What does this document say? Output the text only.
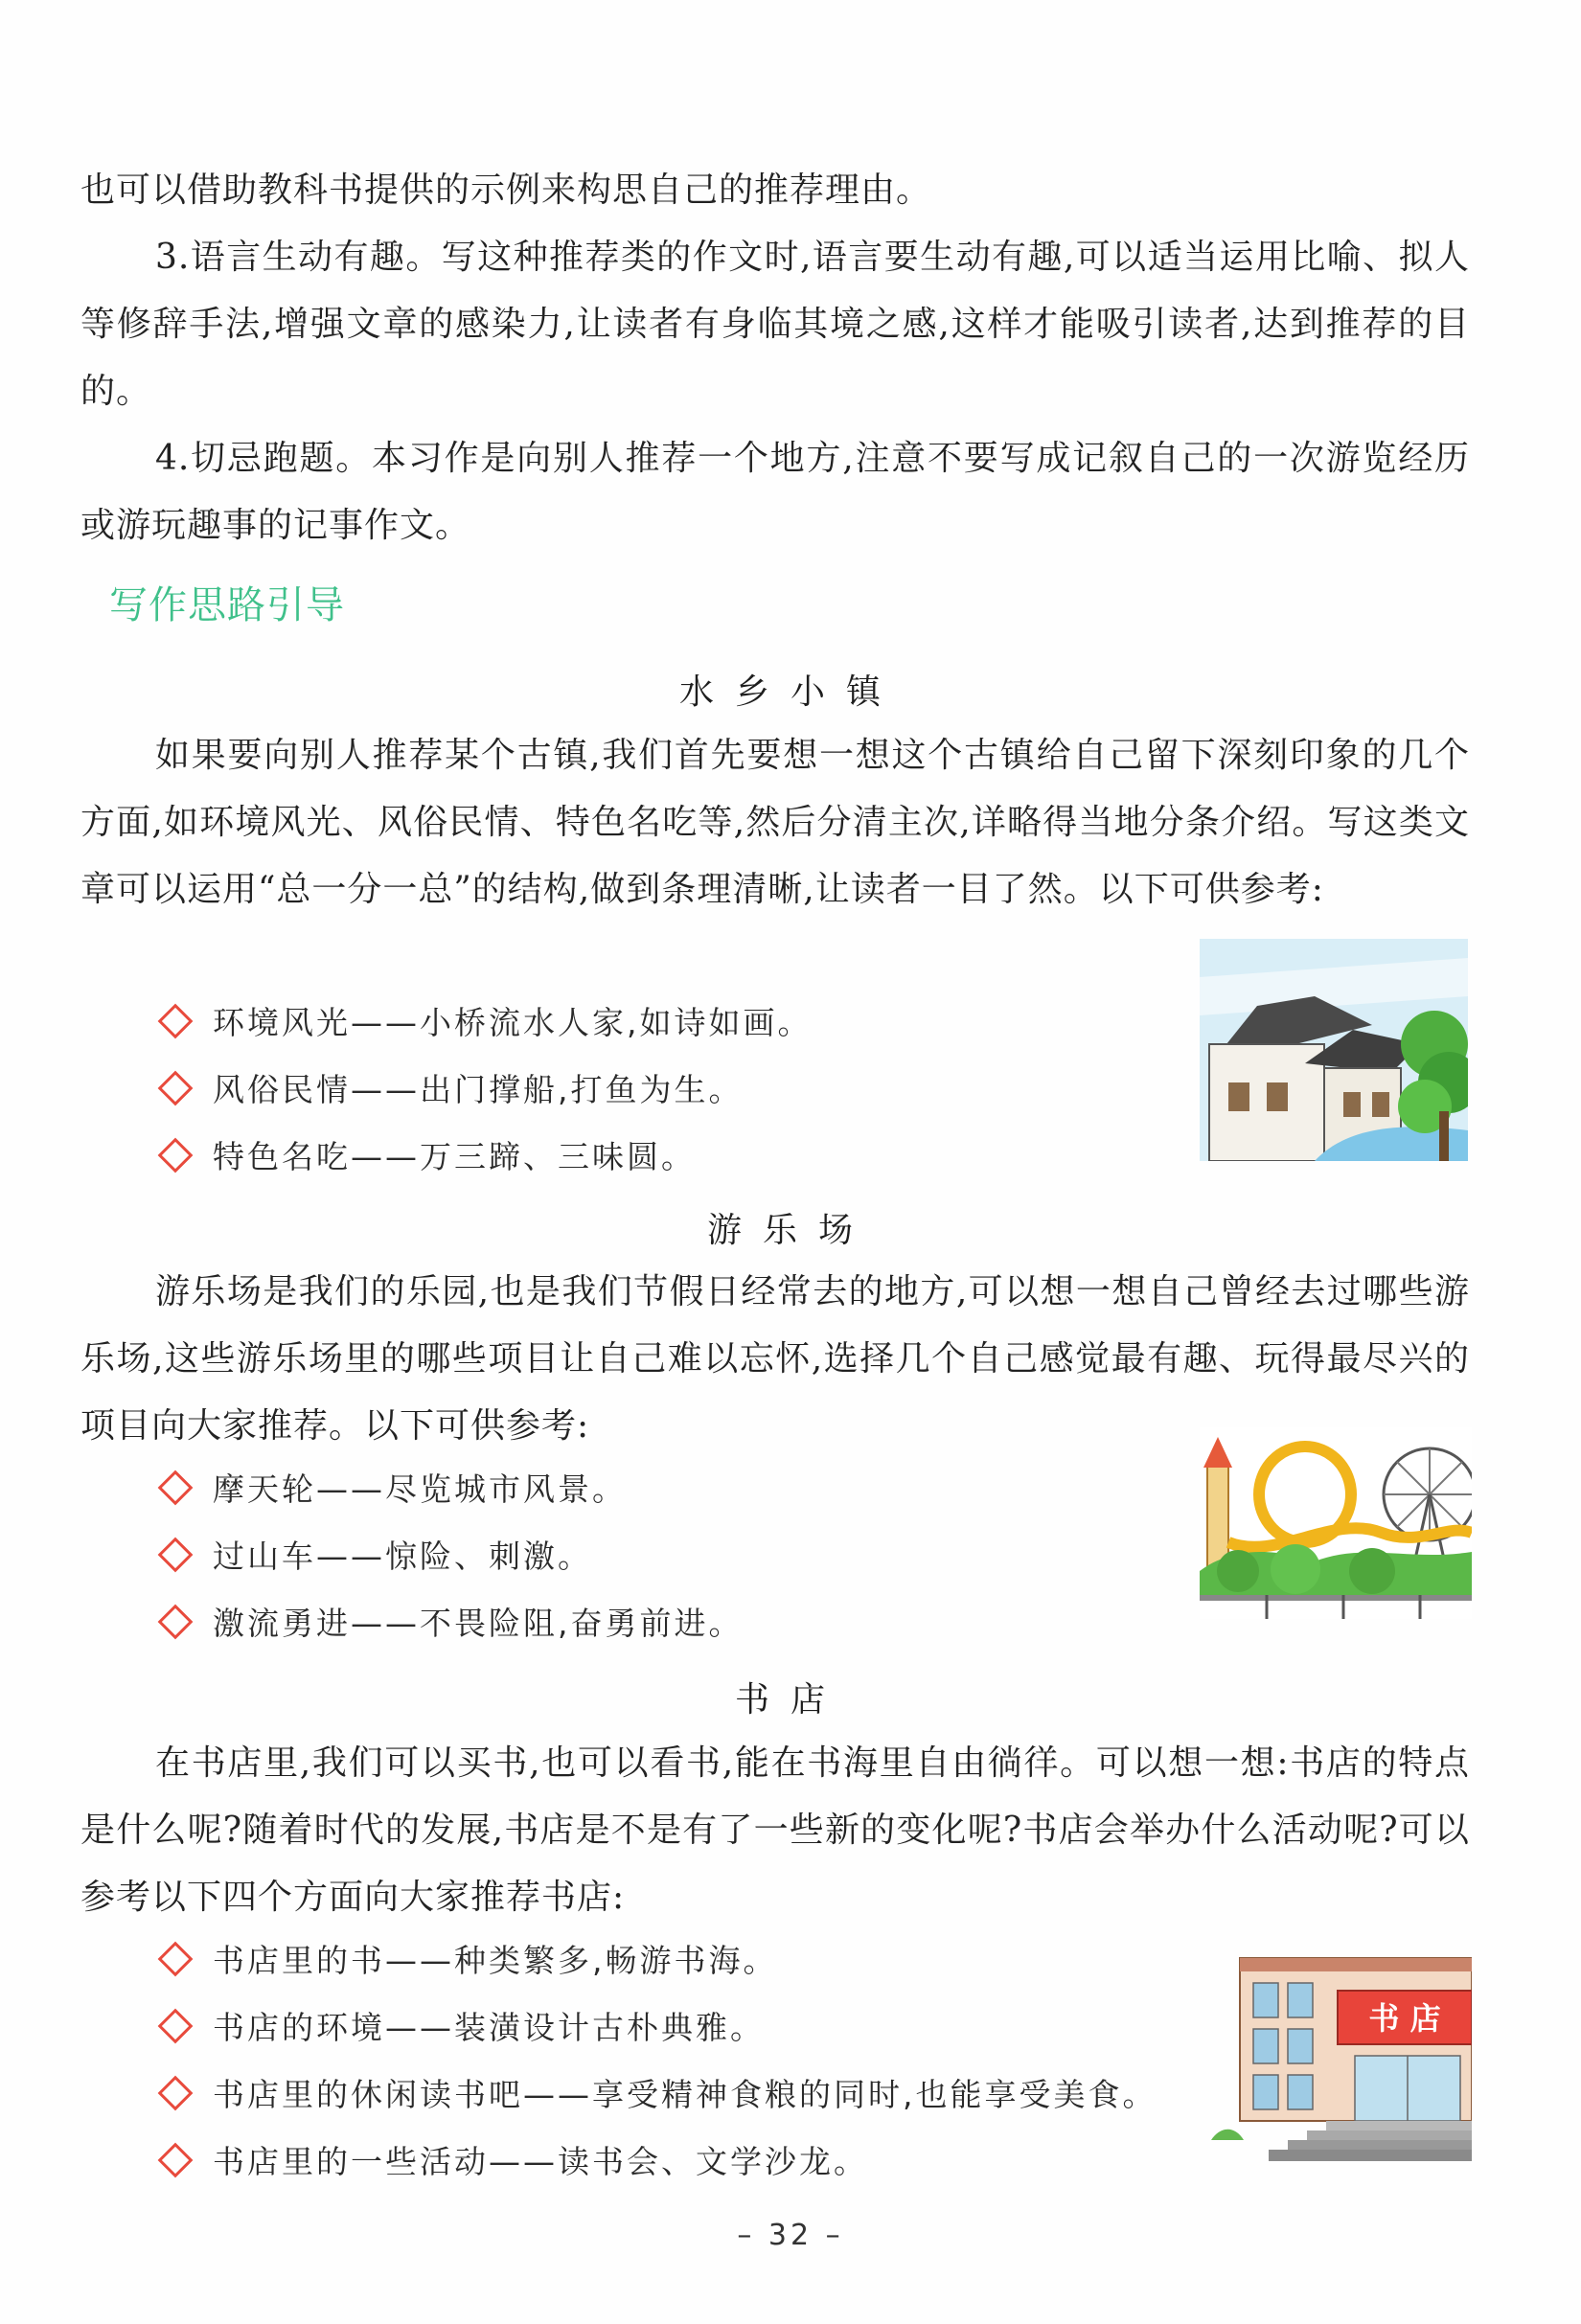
也可以借助教科书提供的示例来构思自己的推荐理由。

3.语言生动有趣。写这种推荐类的作文时,语言要生动有趣,可以适当运用比喻、拟人等修辞手法,增强文章的感染力,让读者有身临其境之感,这样才能吸引读者,达到推荐的目的。

4.切忌跑题。本习作是向别人推荐一个地方,注意不要写成记叙自己的一次游览经历或游玩趣事的记事作文。

写作思路引导
水乡小镇

如果要向别人推荐某个古镇,我们首先要想一想这个古镇给自己留下深刻印象的几个方面,如环境风光、风俗民情、特色名吃等,然后分清主次,详略得当地分条介绍。写这类文章可以运用“总一分一总”的结构,做到条理清晰,让读者一目了然。以下可供参考:

环境风光——小桥流水人家,如诗如画。
风俗民情——出门撑船,打鱼为生。
特色名吃——万三蹄、三味圆。
游乐场

游乐场是我们的乐园,也是我们节假日经常去的地方,可以想一想自己曾经去过哪些游乐场,这些游乐场里的哪些项目让自己难以忘怀,选择几个自己感觉最有趣、玩得最尽兴的项目向大家推荐。以下可供参考:

摩天轮——尽览城市风景。
过山车——惊险、刺激。
激流勇进——不畏险阻,奋勇前进。
书店

在书店里,我们可以买书,也可以看书,能在书海里自由徜徉。可以想一想:书店的特点是什么呢?随着时代的发展,书店是不是有了一些新的变化呢?书店会举办什么活动呢?可以参考以下四个方面向大家推荐书店:

书店里的书——种类繁多,畅游书海。
书店的环境——装潢设计古朴典雅。
书店里的休闲读书吧——享受精神食粮的同时,也能享受美食。
书店里的一些活动——读书会、文学沙龙。
书 店
– 32 –
